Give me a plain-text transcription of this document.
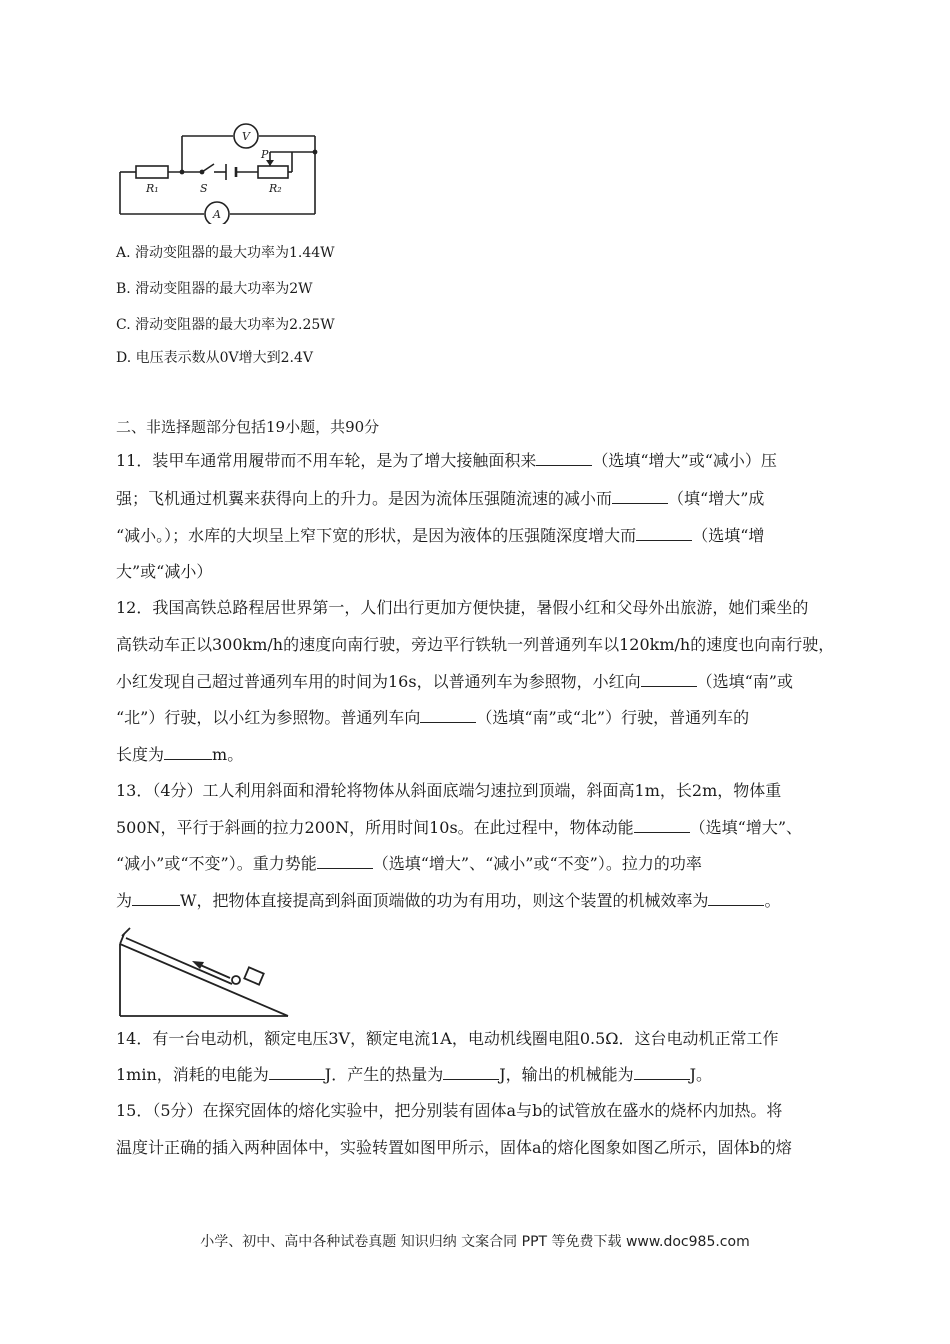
V
A
R₁	S
P
R₂
A. 滑动变阻器的最大功率为1.44W
B. 滑动变阻器的最大功率为2W
C. 滑动变阻器的最大功率为2.25W
D. 电压表示数从0V增大到2.4V
二、非选择题部分包括19小题，共90分
11．装甲车通常用履带而不用车轮，是为了增大接触面积来	（选填“增大”或“减小）压
强；飞机通过机翼来获得向上的升力。是因为流体压强随流速的减小而	（填“增大”成
“减小。）；水库的大坝呈上窄下宽的形状，是因为液体的压强随深度增大而	（选填“增
大”或“减小）
12．我国高铁总路程居世界第一，人们出行更加方便快捷，暑假小红和父母外出旅游，她们乘坐的
高铁动车正以300km/h的速度向南行驶，旁边平行铁轨一列普通列车以120km/h的速度也向南行驶，
小红发现自己超过普通列车用的时间为16s，以普通列车为参照物，小红向	（选填“南”或
“北”）行驶，以小红为参照物。普通列车向	（选填“南”或“北”）行驶，普通列车的
长度为	m。
13．（4分）工人利用斜面和滑轮将物体从斜面底端匀速拉到顶端，斜面高1m，长2m，物体重
500N，平行于斜画的拉力200N，所用时间10s。在此过程中，物体动能	（选填“增大”、
“减小”或“不变”）。重力势能	（选填“增大”、“减小”或“不变”）。拉力的功率
为	W，把物体直接提高到斜面顶端做的功为有用功，则这个装置的机械效率为	。
14．有一台电动机，额定电压3V，额定电流1A，电动机线圈电阻0.5Ω．这台电动机正常工作
1min，消耗的电能为	J．产生的热量为	J，输出的机械能为	J。
15．（5分）在探究固体的熔化实验中，把分别装有固体a与b的试管放在盛水的烧杯内加热。将
温度计正确的插入两种固体中，实验转置如图甲所示，固体a的熔化图象如图乙所示，固体b的熔
小学、初中、高中各种试卷真题 知识归纳 文案合同 PPT 等免费下载 www.doc985.com
